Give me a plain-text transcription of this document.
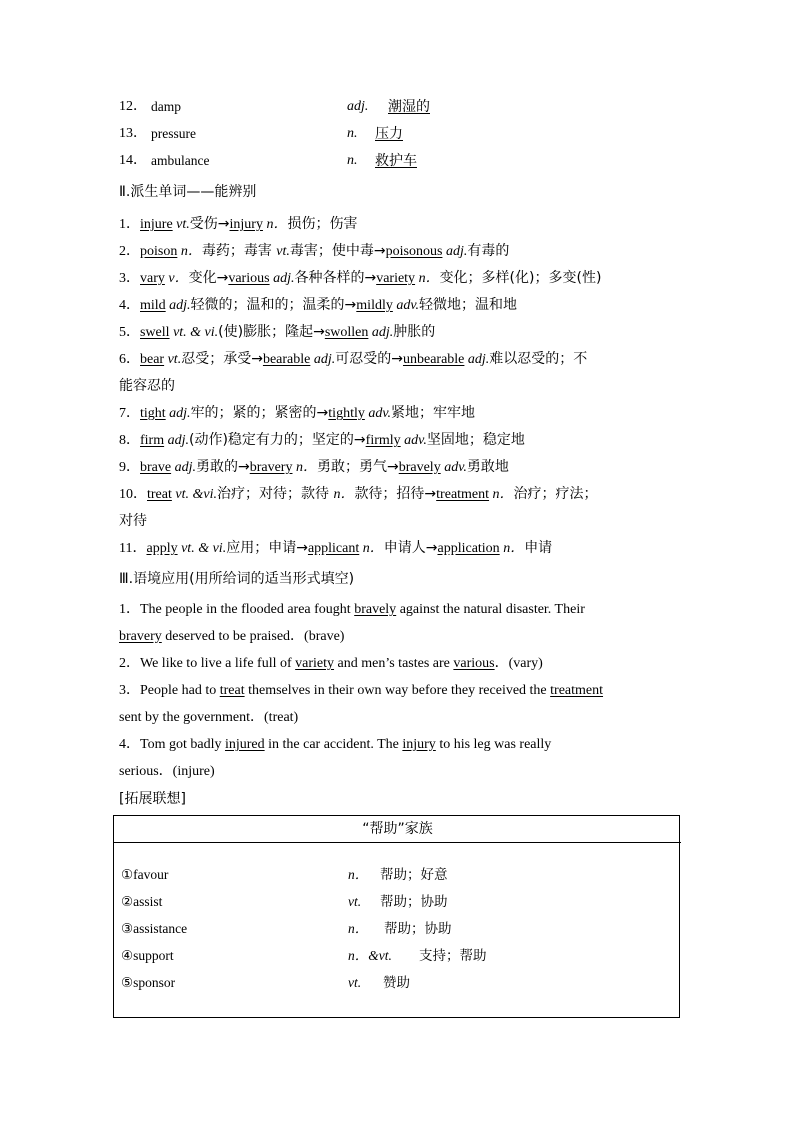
12． damp	adj. 潮湿的
13． pressure	n. 压力
14． ambulance	n. 救护车
Ⅱ.派生单词——能辨别
1．injure vt.受伤→injury n．损伤；伤害
2．poison n．毒药；毒害 vt.毒害；使中毒→poisonous adj.有毒的
3．vary v．变化→various adj.各种各样的→variety n．变化；多样(化)；多变(性)
4．mild adj.轻微的；温和的；温柔的→mildly adv.轻微地；温和地
5．swell vt. & vi.(使)膨胀；隆起→swollen adj.肿胀的
6．bear vt.忍受；承受→bearable adj.可忍受的→unbearable adj.难以忍受的；不
能容忍的
7．tight adj.牢的；紧的；紧密的→tightly adv.紧地；牢牢地
8．firm adj.(动作)稳定有力的；坚定的→firmly adv.坚固地；稳定地
9．brave adj.勇敢的→bravery n．勇敢；勇气→bravely adv.勇敢地
10．treat vt. &vi.治疗；对待；款待 n．款待；招待→treatment n．治疗；疗法；
对待
11．apply vt. & vi.应用；申请→applicant n．申请人→application n．申请
Ⅲ.语境应用(用所给词的适当形式填空)
1．The people in the flooded area fought bravely against the natural disaster. Their
bravery deserved to be praised．(brave)
2．We like to live a life full of variety and men’s tastes are various．(vary)
3．People had to treat themselves in their own way before they received the treatment
sent by the government．(treat)
4．Tom got badly injured in the car accident. The injury to his leg was really
serious．(injure)
[拓展联想]
“帮助”家族
①favour	n． 帮助；好意
②assist	vt. 帮助；协助
③assistance	n． 帮助；协助
④support	n．&vt. 支持；帮助
⑤sponsor	vt. 赞助
